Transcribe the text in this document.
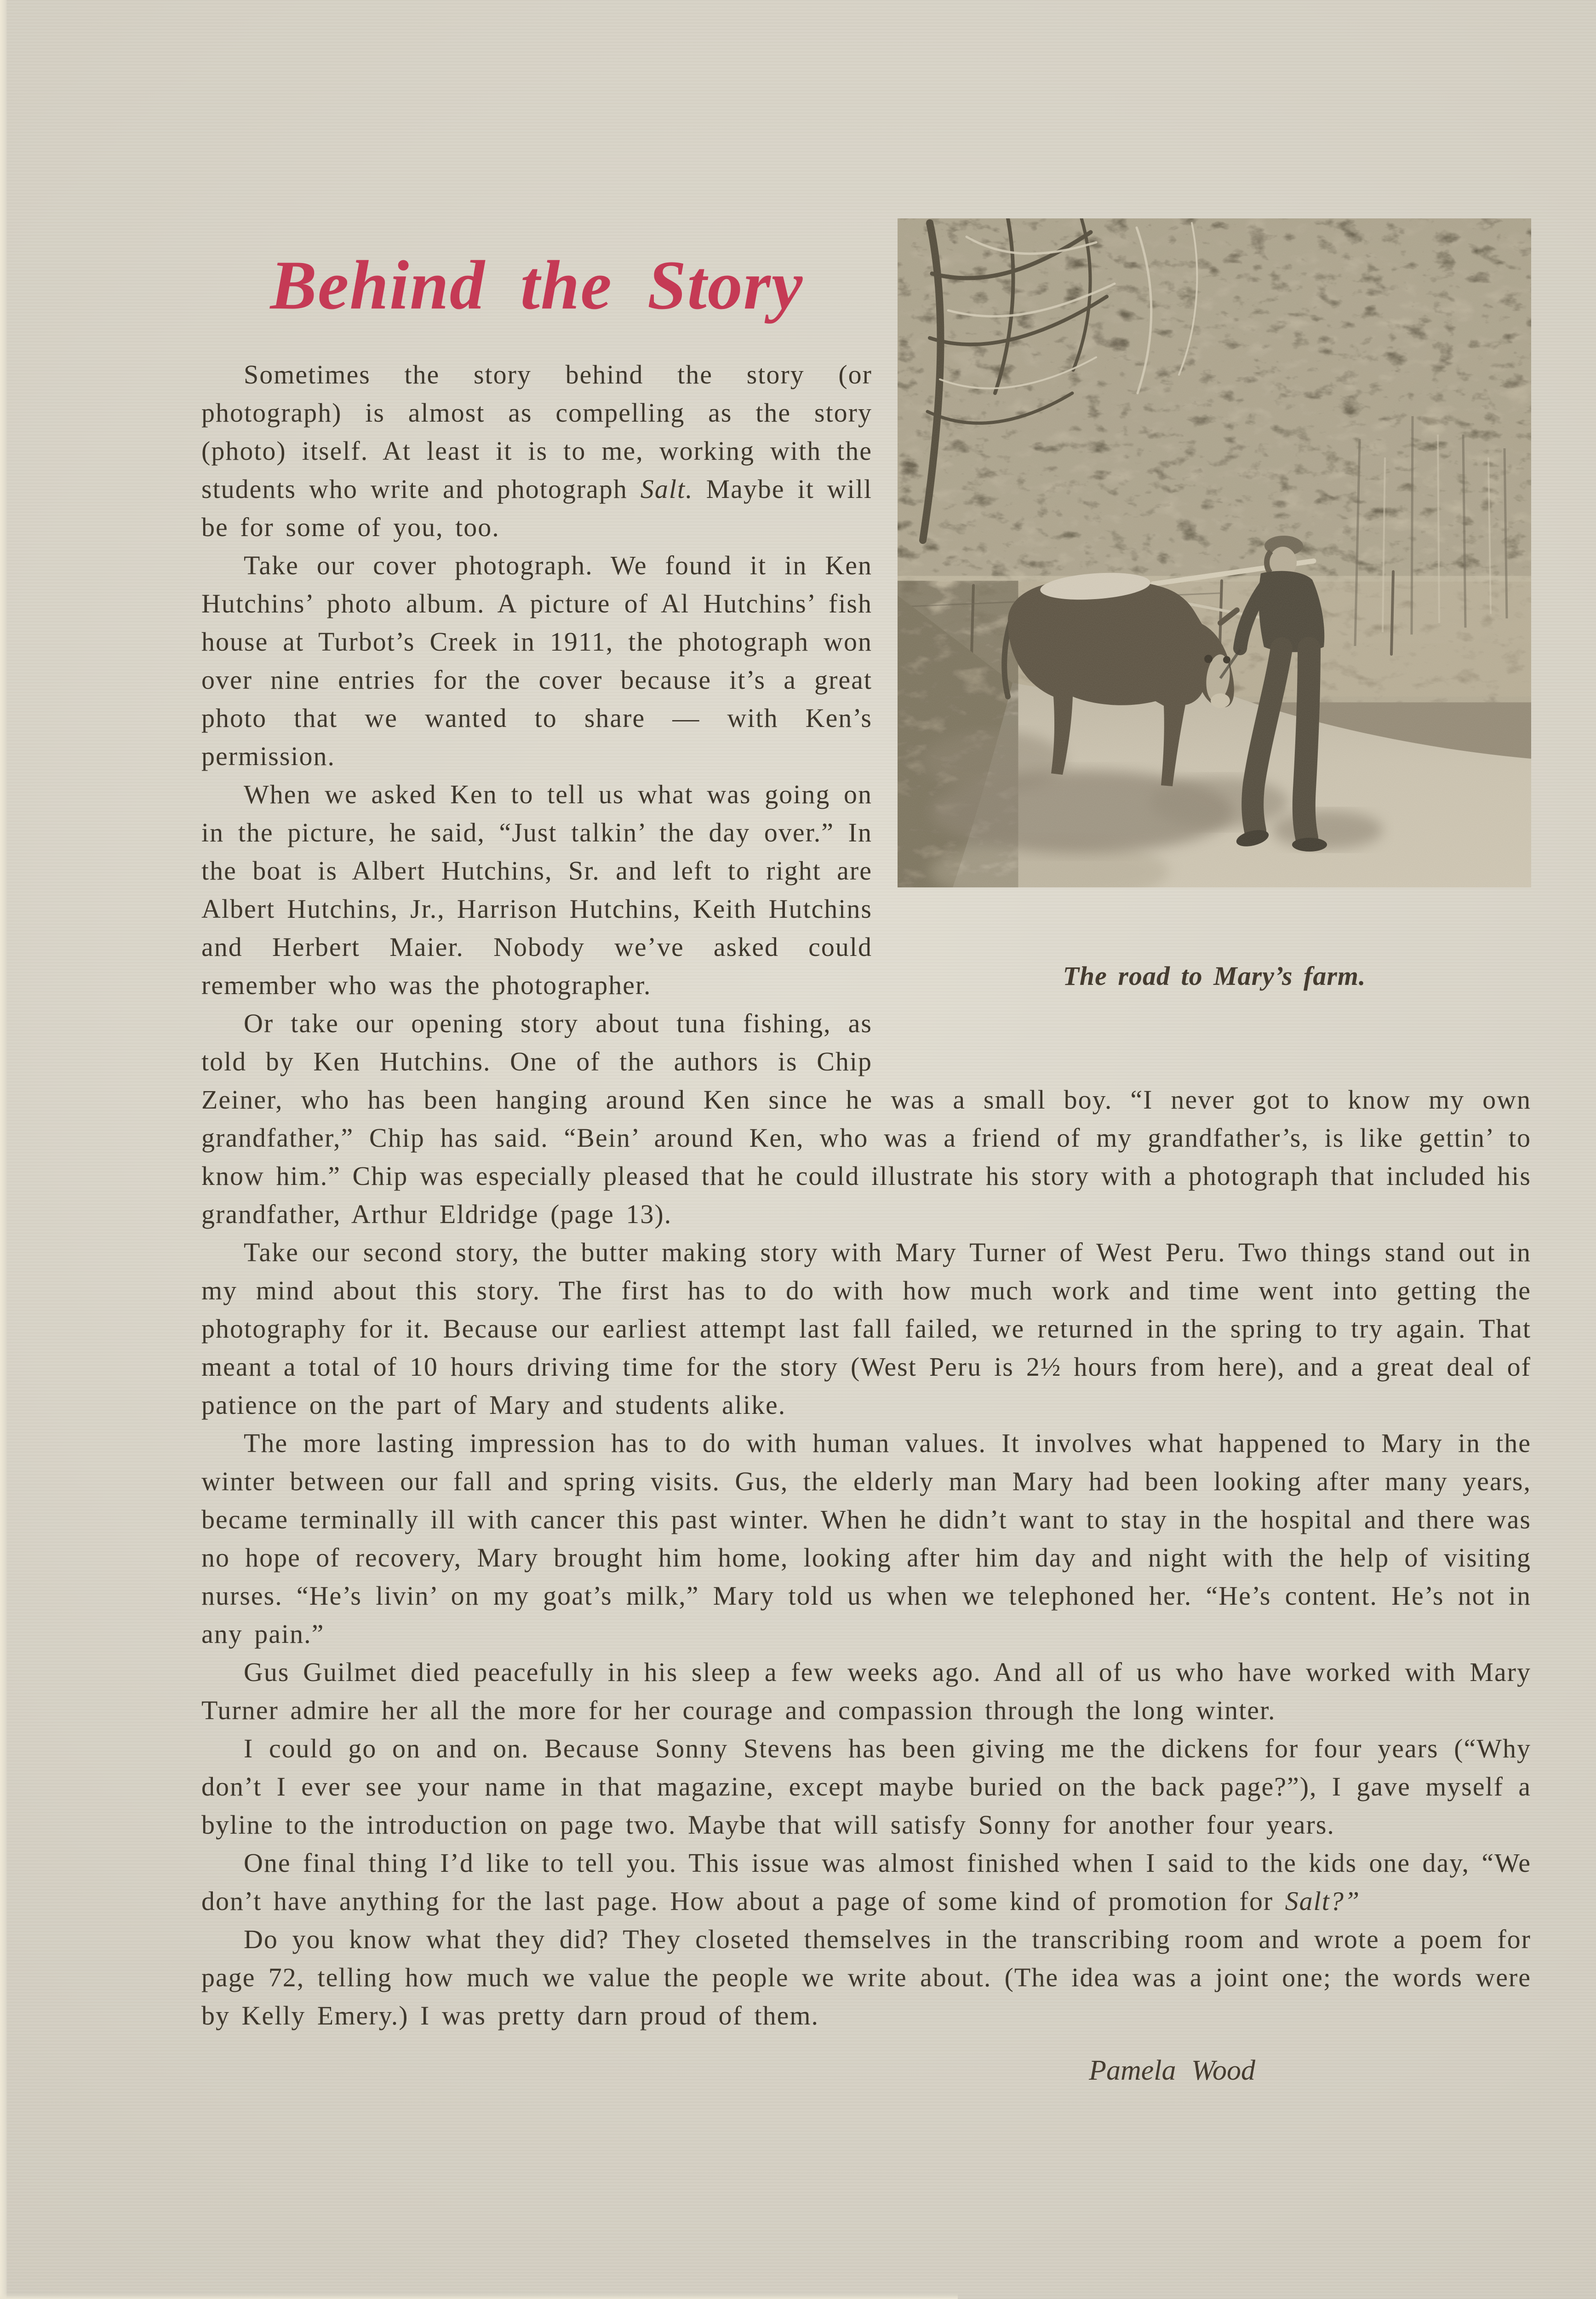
The road to Mary’s farm.
Behind the Story

Sometimes the story behind the story (or photograph) is almost as compelling as the story (photo) itself. At least it is to me, working with the students who write and photograph Salt. Maybe it will be for some of you, too.

Take our cover photograph. We found it in Ken Hutchins’ photo album. A picture of Al Hutchins’ fish house at Turbot’s Creek in 1911, the photograph won over nine entries for the cover because it’s a great photo that we wanted to share — with Ken’s permission.

When we asked Ken to tell us what was going on in the picture, he said, “Just talkin’ the day over.” In the boat is Albert Hutchins, Sr. and left to right are Albert Hutchins, Jr., Harrison Hutchins, Keith Hutchins and Herbert Maier. Nobody we’ve asked could remember who was the photographer.

Or take our opening story about tuna fishing, as told by Ken Hutchins. One of the authors is Chip Zeiner, who has been hanging around Ken since he was a small boy. “I never got to know my own grandfather,” Chip has said. “Bein’ around Ken, who was a friend of my grandfather’s, is like gettin’ to know him.” Chip was especially pleased that he could illustrate his story with a photograph that included his grandfather, Arthur Eldridge (page 13).

Take our second story, the butter making story with Mary Turner of West Peru. Two things stand out in my mind about this story. The first has to do with how much work and time went into getting the photography for it. Because our earliest attempt last fall failed, we returned in the spring to try again. That meant a total of 10 hours driving time for the story (West Peru is 2½ hours from here), and a great deal of patience on the part of Mary and students alike.

The more lasting impression has to do with human values. It involves what happened to Mary in the winter between our fall and spring visits. Gus, the elderly man Mary had been looking after many years, became terminally ill with cancer this past winter. When he didn’t want to stay in the hospital and there was no hope of recovery, Mary brought him home, looking after him day and night with the help of visiting nurses. “He’s livin’ on my goat’s milk,” Mary told us when we telephoned her. “He’s content. He’s not in any pain.”

Gus Guilmet died peacefully in his sleep a few weeks ago. And all of us who have worked with Mary Turner admire her all the more for her courage and compassion through the long winter.

I could go on and on. Because Sonny Stevens has been giving me the dickens for four years (“Why don’t I ever see your name in that magazine, except maybe buried on the back page?”), I gave myself a byline to the introduction on page two. Maybe that will satisfy Sonny for another four years.

One final thing I’d like to tell you. This issue was almost finished when I said to the kids one day, “We don’t have anything for the last page. How about a page of some kind of promotion for Salt?”

Do you know what they did? They closeted themselves in the transcribing room and wrote a poem for page 72, telling how much we value the people we write about. (The idea was a joint one; the words were by Kelly Emery.) I was pretty darn proud of them.

Pamela Wood
